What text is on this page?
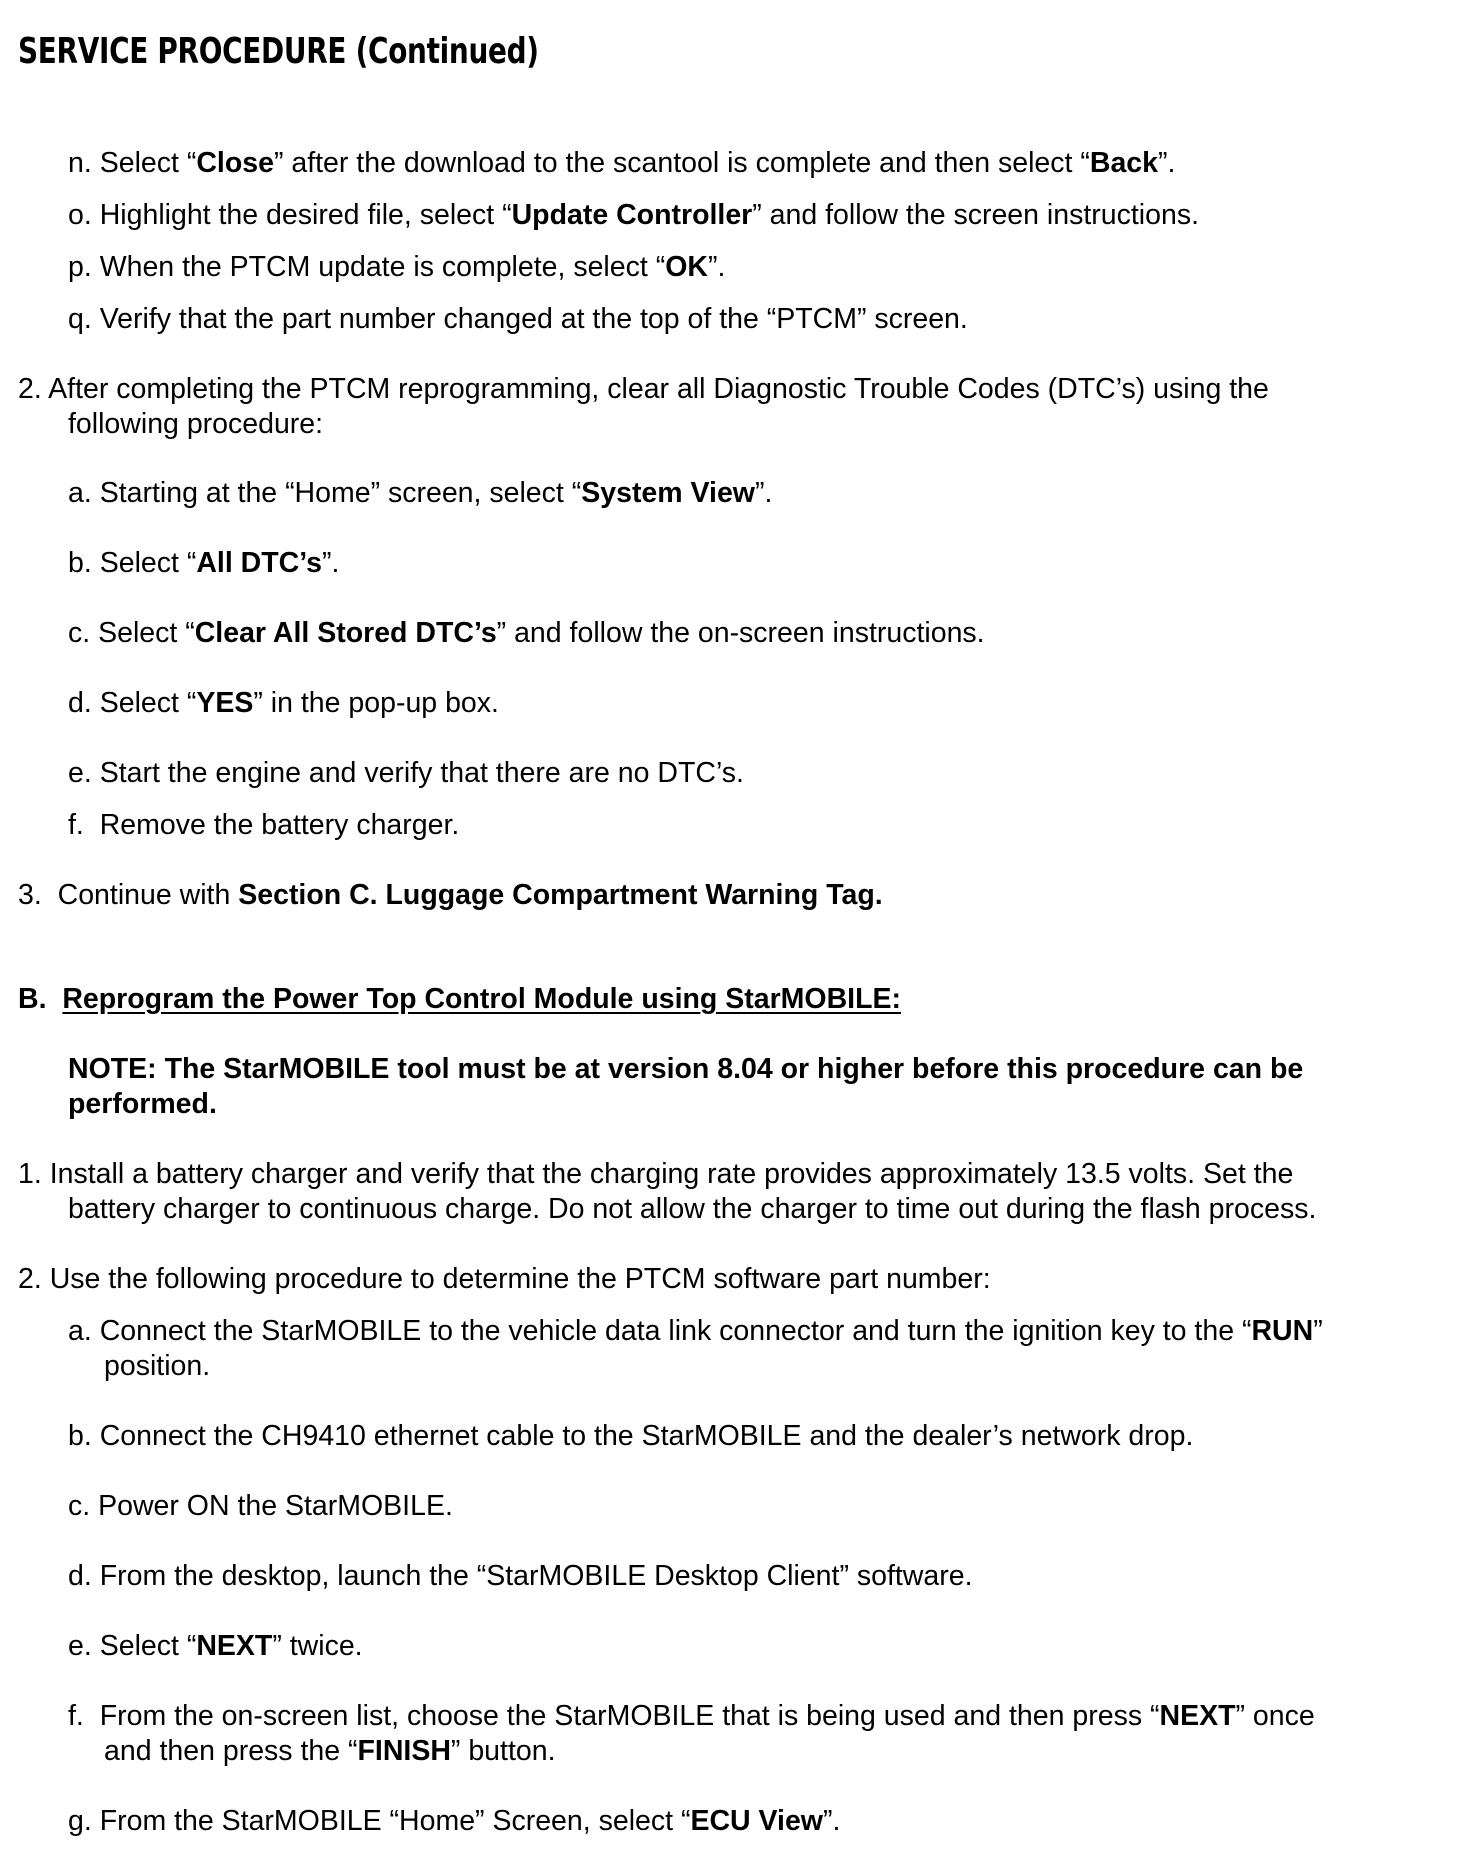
SERVICE PROCEDURE (Continued)
n. Select “Close” after the download to the scantool is complete and then select “Back”.
o. Highlight the desired file, select “Update Controller” and follow the screen instructions.
p. When the PTCM update is complete, select “OK”.
q. Verify that the part number changed at the top of the “PTCM” screen.
2. After completing the PTCM reprogramming, clear all Diagnostic Trouble Codes (DTC’s) using the
following procedure:
a. Starting at the “Home” screen, select “System View”.
b. Select “All DTC’s”.
c. Select “Clear All Stored DTC’s” and follow the on-screen instructions.
d. Select “YES” in the pop-up box.
e. Start the engine and verify that there are no DTC’s.
f. Remove the battery charger.
3. Continue with Section C. Luggage Compartment Warning Tag.
B. Reprogram the Power Top Control Module using StarMOBILE:
NOTE: The StarMOBILE tool must be at version 8.04 or higher before this procedure can be
performed.
1. Install a battery charger and verify that the charging rate provides approximately 13.5 volts. Set the
battery charger to continuous charge. Do not allow the charger to time out during the flash process.
2. Use the following procedure to determine the PTCM software part number:
a. Connect the StarMOBILE to the vehicle data link connector and turn the ignition key to the “RUN”
position.
b. Connect the CH9410 ethernet cable to the StarMOBILE and the dealer’s network drop.
c. Power ON the StarMOBILE.
d. From the desktop, launch the “StarMOBILE Desktop Client” software.
e. Select “NEXT” twice.
f. From the on-screen list, choose the StarMOBILE that is being used and then press “NEXT” once
and then press the “FINISH” button.
g. From the StarMOBILE “Home” Screen, select “ECU View”.
